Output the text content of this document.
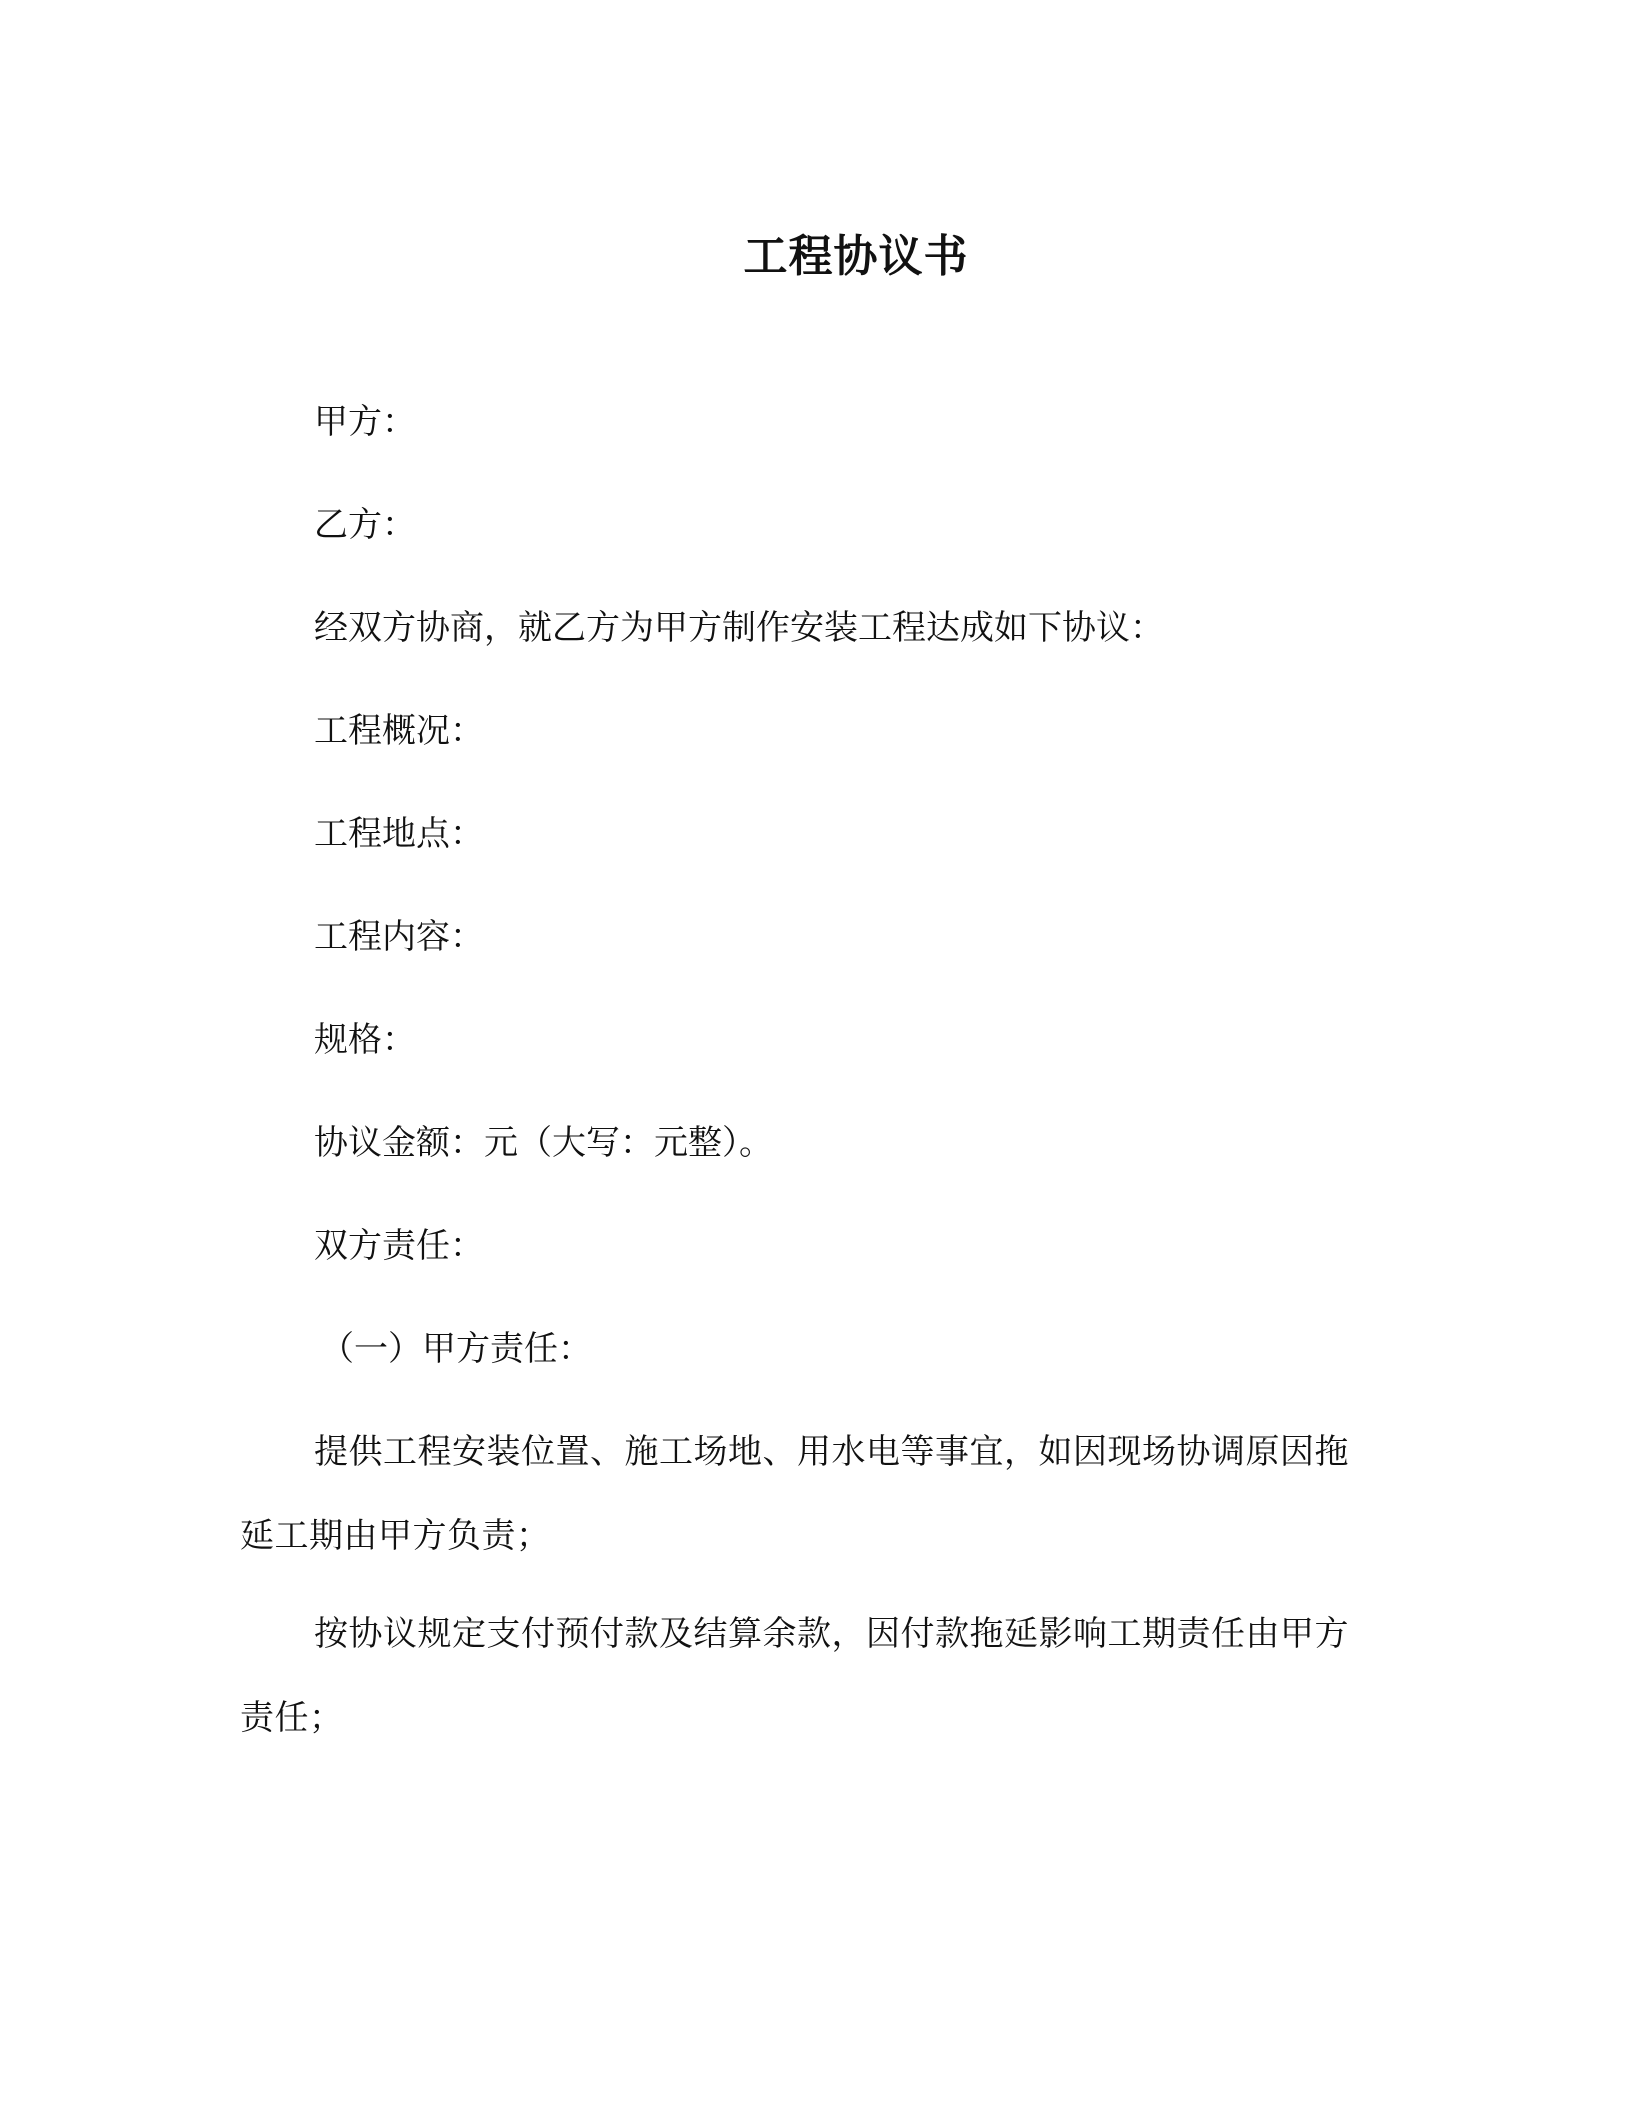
工程协议书
甲方：
乙方：
经双方协商，就乙方为甲方制作安装工程达成如下协议：
工程概况：
工程地点：
工程内容：
规格：
协议金额：元（大写：元整）。
双方责任：
（一）甲方责任：
提供工程安装位置、施工场地、用水电等事宜，如因现场协调原因拖延工期由甲方负责；
按协议规定支付预付款及结算余款，因付款拖延影响工期责任由甲方责任；
